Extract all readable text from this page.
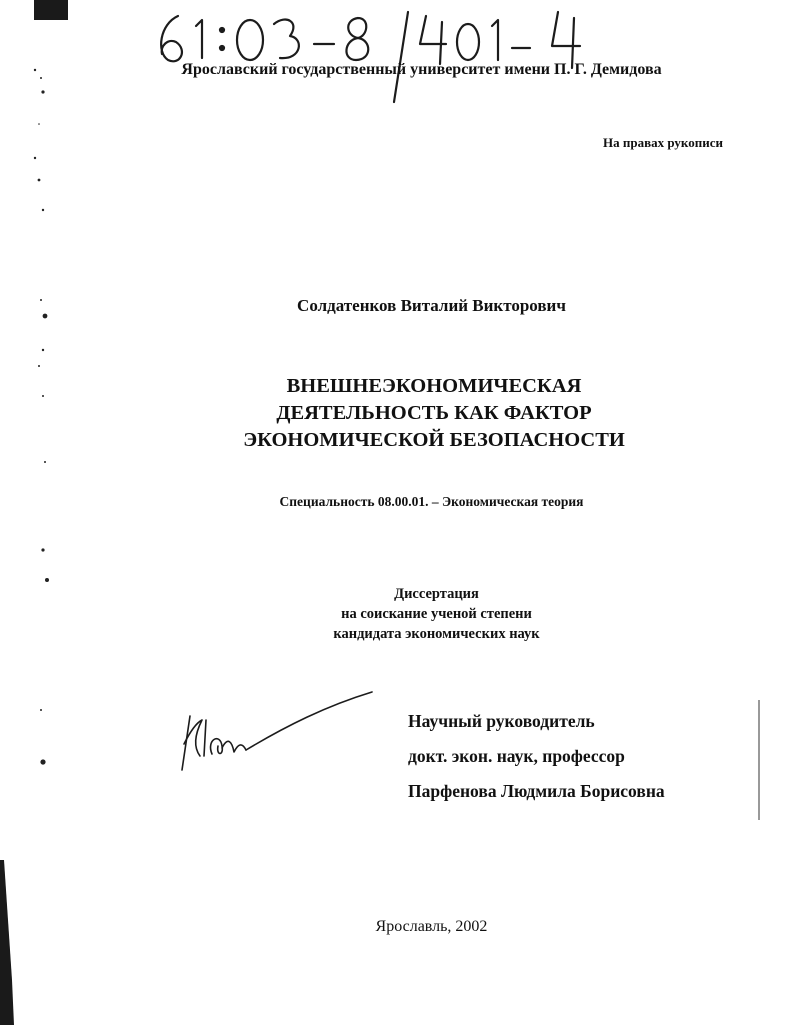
Ярославский государственный университет имени П. Г. Демидова
На правах рукописи
Солдатенков Виталий Викторович
ВНЕШНЕЭКОНОМИЧЕСКАЯ
ДЕЯТЕЛЬНОСТЬ КАК ФАКТОР
ЭКОНОМИЧЕСКОЙ БЕЗОПАСНОСТИ
Специальность 08.00.01. – Экономическая теория
Диссертация
на соискание ученой степени
кандидата экономических наук
Научный руководитель
докт. экон. наук, профессор
Парфенова Людмила Борисовна
Ярославль, 2002
